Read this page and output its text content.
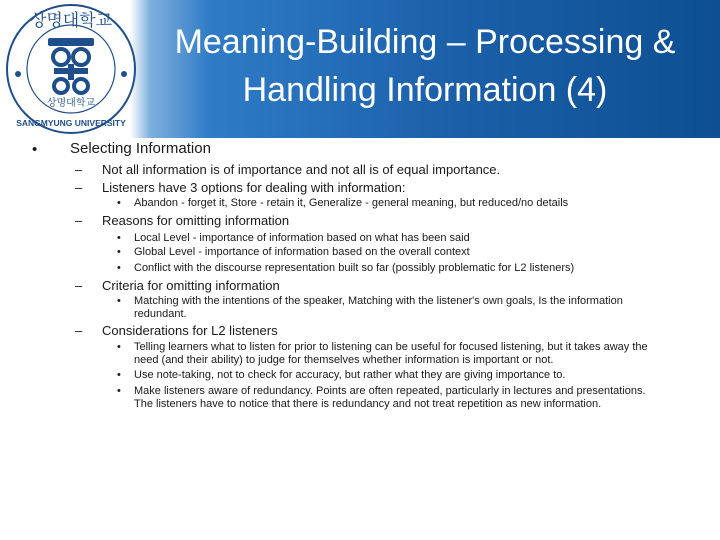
상명대학교
SANGMYUNG UNIVERSITY
상명대학교
Meaning-Building – Processing &
Handling Information (4)
• Selecting Information
– Not all information is of importance and not all is of equal importance.
– Listeners have 3 options for dealing with information:
• Abandon - forget it, Store - retain it, Generalize - general meaning, but reduced/no details
– Reasons for omitting information
• Local Level - importance of information based on what has been said
• Global Level - importance of information based on the overall context
• Conflict with the discourse representation built so far (possibly problematic for L2 listeners)
– Criteria for omitting information
• Matching with the intentions of the speaker, Matching with the listener's own goals, Is the information redundant.
– Considerations for L2 listeners
• Telling learners what to listen for prior to listening can be useful for focused listening, but it takes away the need (and their ability) to judge for themselves whether information is important or not.
• Use note-taking, not to check for accuracy, but rather what they are giving importance to.
• Make listeners aware of redundancy. Points are often repeated, particularly in lectures and presentations. The listeners have to notice that there is redundancy and not treat repetition as new information.
